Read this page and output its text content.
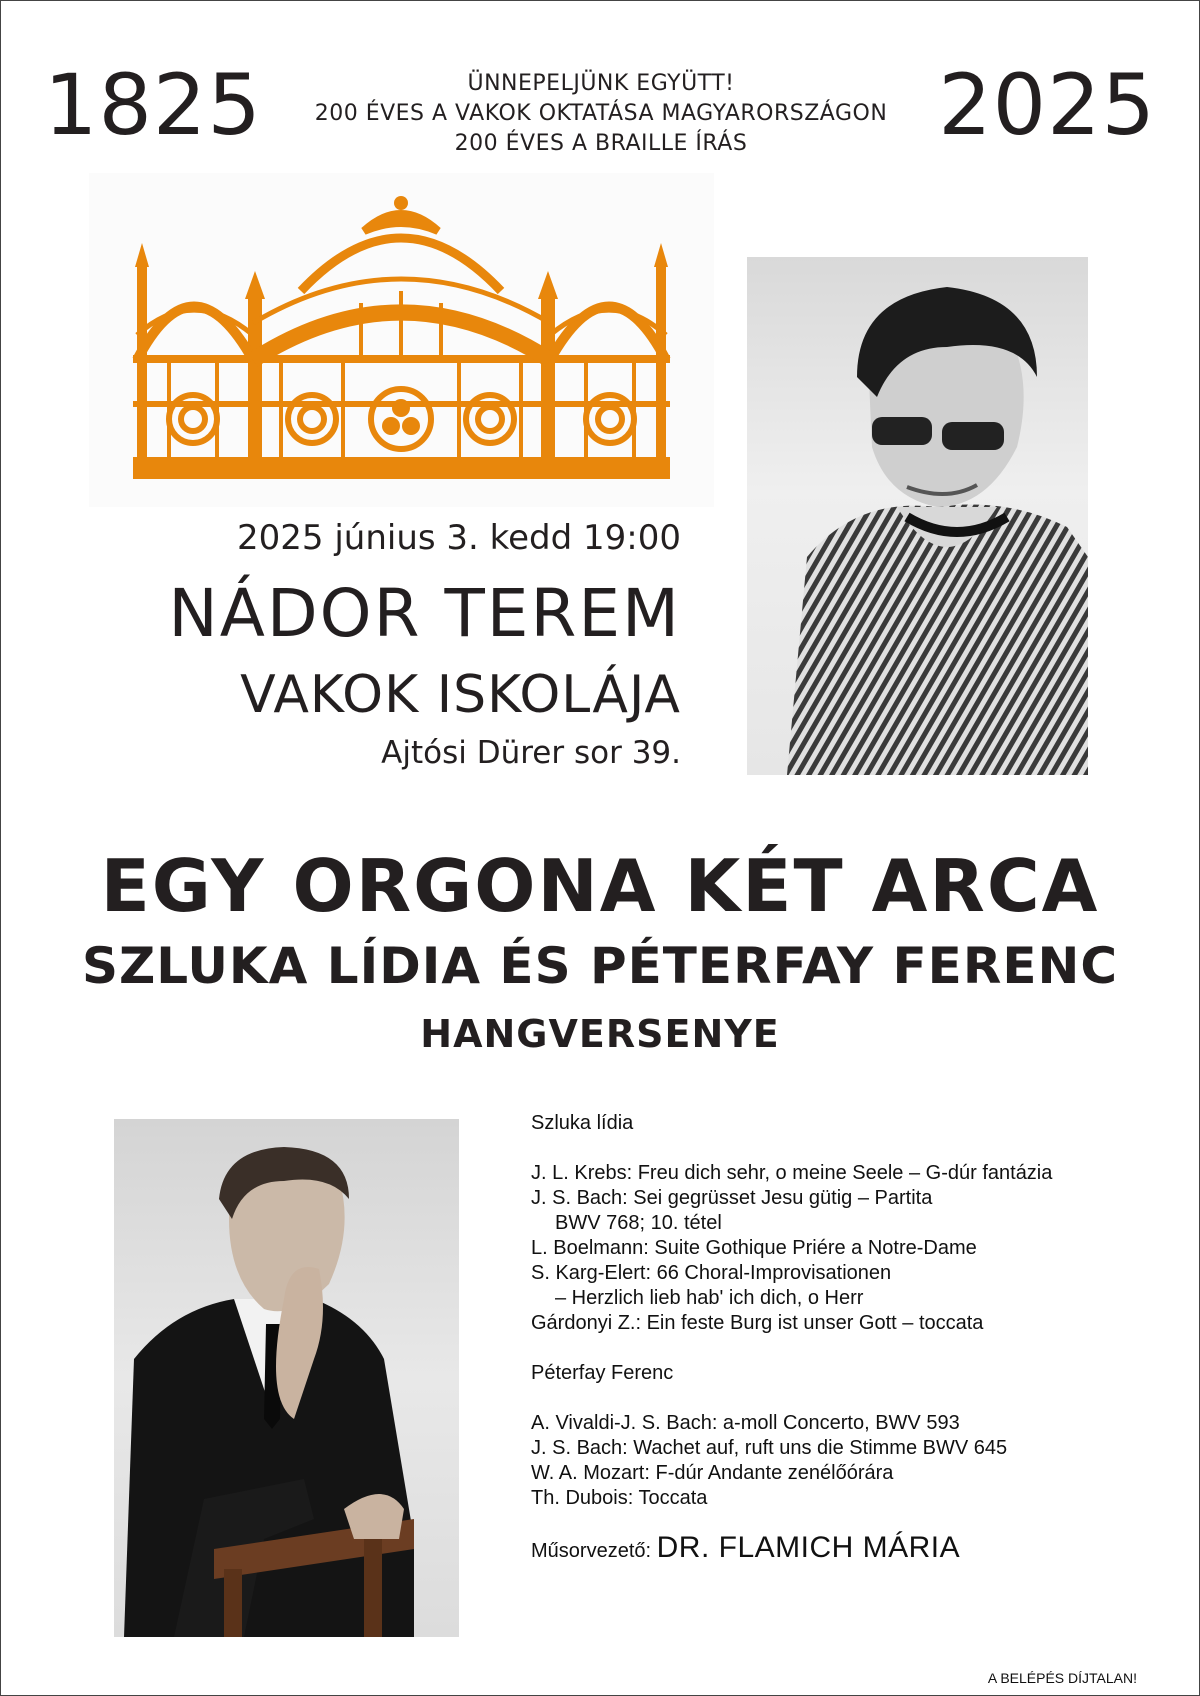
1825	ÜNNEPELJÜNK EGYÜTT!
200 ÉVES A VAKOK OKTATÁSA MAGYARORSZÁGON
200 ÉVES A BRAILLE ÍRÁS	2025
2025 június 3. kedd 19:00
NÁDOR TEREM
VAKOK ISKOLÁJA
Ajtósi Dürer sor 39.
EGY ORGONA KÉT ARCA
SZLUKA LÍDIA ÉS PÉTERFAY FERENC
HANGVERSENYE
Szluka lídia
J. L. Krebs: Freu dich sehr, o meine Seele – G-dúr fantázia
J. S. Bach: Sei gegrüsset Jesu gütig – Partita
BWV 768; 10. tétel
L. Boelmann: Suite Gothique Priére a Notre-Dame
S. Karg-Elert: 66 Choral-Improvisationen
– Herzlich lieb hab' ich dich, o Herr
Gárdonyi Z.: Ein feste Burg ist unser Gott – toccata
Péterfay Ferenc
A. Vivaldi-J. S. Bach: a-moll Concerto, BWV 593
J. S. Bach: Wachet auf, ruft uns die Stimme BWV 645
W. A. Mozart: F-dúr Andante zenélőórára
Th. Dubois: Toccata
Műsorvezető: DR. FLAMICH MÁRIA
A BELÉPÉS DÍJTALAN!
